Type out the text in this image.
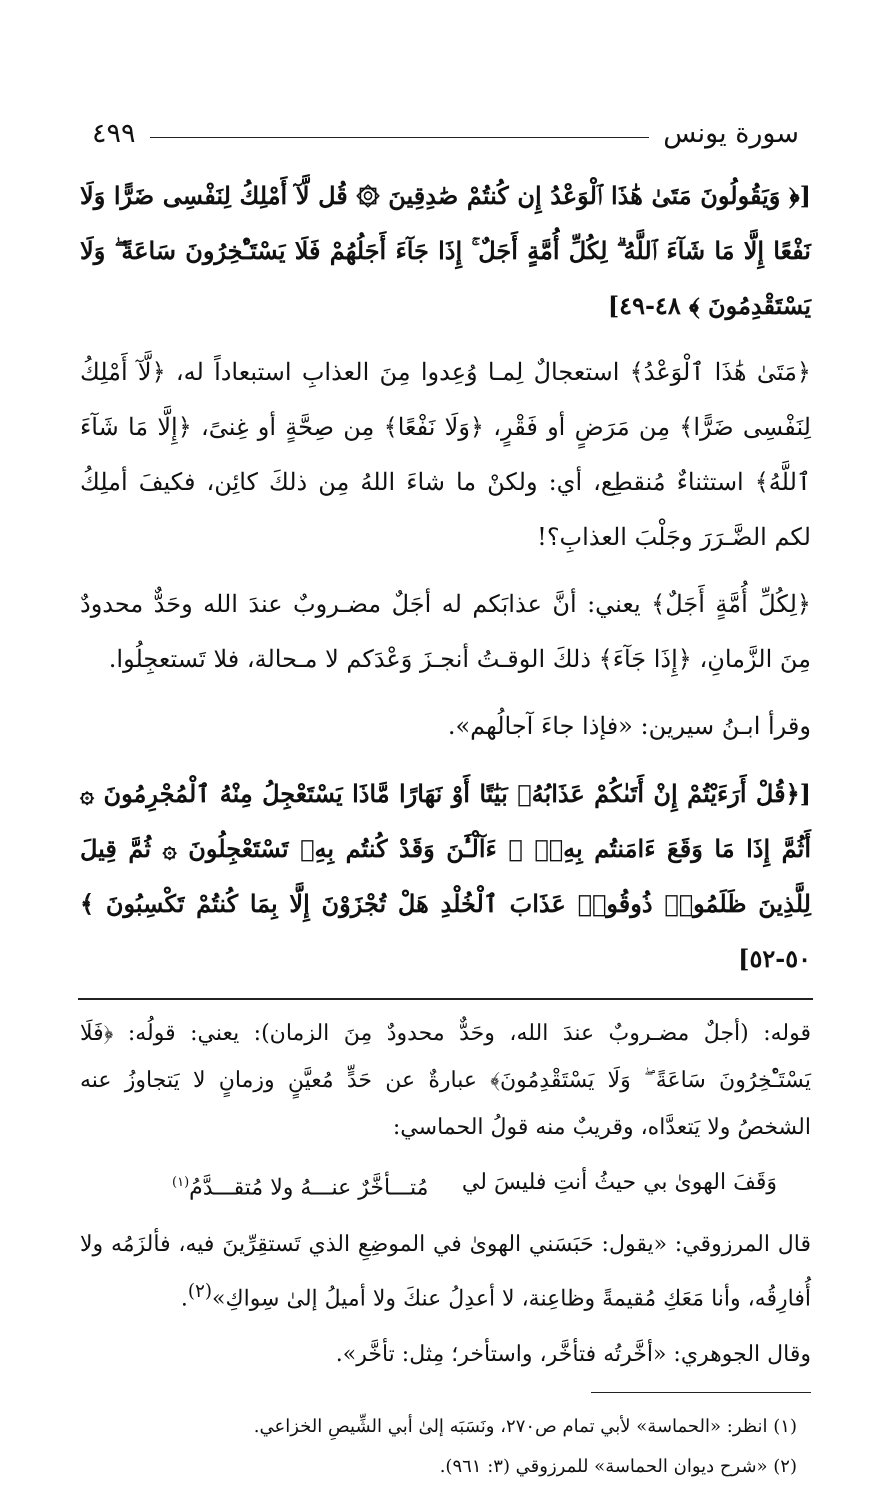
سورة يونس
٤٩٩

[﴿ وَيَقُولُونَ مَتَىٰ هَٰذَا ٱلْوَعْدُ إِن كُنتُمْ صَٰدِقِينَ ۞ قُل لَّآ أَمْلِكُ لِنَفْسِى ضَرًّا وَلَا نَفْعًا إِلَّا مَا شَآءَ ٱللَّهُ ۗ لِكُلِّ أُمَّةٍ أَجَلٌ ۚ إِذَا جَآءَ أَجَلُهُمْ فَلَا يَسْتَـْٔخِرُونَ سَاعَةً ۖ وَلَا يَسْتَقْدِمُونَ ﴾ ٤٨-٤٩]

﴿مَتَىٰ هَٰذَا ٱلْوَعْدُ﴾ استعجالٌ لِمـا وُعِدوا مِنَ العذابِ استبعاداً له، ﴿لَّآ أَمْلِكُ لِنَفْسِى ضَرًّا﴾ مِن مَرَضٍ أو فَقْرٍ، ﴿وَلَا نَفْعًا﴾ مِن صِحَّةٍ أو غِنىً، ﴿إِلَّا مَا شَآءَ ٱللَّهُ﴾ استثناءٌ مُنقطِع، أي: ولكنْ ما شاءَ اللهُ مِن ذلكَ كائِن، فكيفَ أملِكُ لكم الضَّـرَرَ وجَلْبَ العذابِ؟!

﴿لِكُلِّ أُمَّةٍ أَجَلٌ﴾ يعني: أنَّ عذابَكم له أجَلٌ مضـروبٌ عندَ الله وحَدٌّ محدودٌ مِنَ الزَّمانِ، ﴿إِذَا جَآءَ﴾ ذلكَ الوقـتُ أنجـزَ وَعْدَكم لا مـحالة، فلا تَستعجِلُوا.

وقرأ ابـنُ سيرين: «فإذا جاءَ آجالُهم».

[﴿قُلْ أَرَءَيْتُمْ إِنْ أَتَىٰكُمْ عَذَابُهُۥ بَيَٰتًا أَوْ نَهَارًا مَّاذَا يَسْتَعْجِلُ مِنْهُ ٱلْمُجْرِمُونَ ۞ أَثُمَّ إِذَا مَا وَقَعَ ءَامَنتُم بِهِۦٓ ۚ ءَآلْـَٰٔنَ وَقَدْ كُنتُم بِهِۦ تَسْتَعْجِلُونَ ۞ ثُمَّ قِيلَ لِلَّذِينَ ظَلَمُوا۟ ذُوقُوا۟ عَذَابَ ٱلْخُلْدِ هَلْ تُجْزَوْنَ إِلَّا بِمَا كُنتُمْ تَكْسِبُونَ ﴾ ٥٠-٥٢]

قوله: (أجلٌ مضـروبٌ عندَ الله، وحَدٌّ محدودٌ مِنَ الزمان): يعني: قولُه: ﴿فَلَا يَسْتَـْٔخِرُونَ سَاعَةً ۖ وَلَا يَسْتَقْدِمُونَ﴾ عبارةٌ عن حَدٍّ مُعيَّنٍ وزمانٍ لا يَتجاوزُ عنه الشخصُ ولا يَتعدَّاه، وقريبٌ منه قولُ الحماسي:

وَقَفَ الهوىٰ بي حيثُ أنتِ فليسَ لي
مُتـــأخَّرٌ عنـــهُ ولا مُتقـــدَّمُ$^{(١)}$

قال المرزوقي: «يقول: حَبَسَني الهوىٰ في الموضِعِ الذي تَستقِرِّينَ فيه، فألزَمُه ولا أُفارِقُه، وأنا مَعَكِ مُقيمةً وظاعِنة، لا أعدِلُ عنكَ ولا أميلُ إلىٰ سِواكِ»$^{(٢)}$.

وقال الجوهري: «أخَّرتُه فتأخَّر، واستأخر؛ مِثل: تأخَّر».

(١) انظر: «الحماسة» لأبي تمام ص٢٧٠، ونَسَبَه إلىٰ أبي الشِّيصِ الخزاعي.

(٢) «شرح ديوان الحماسة» للمرزوقي (٣: ٩٦١).
